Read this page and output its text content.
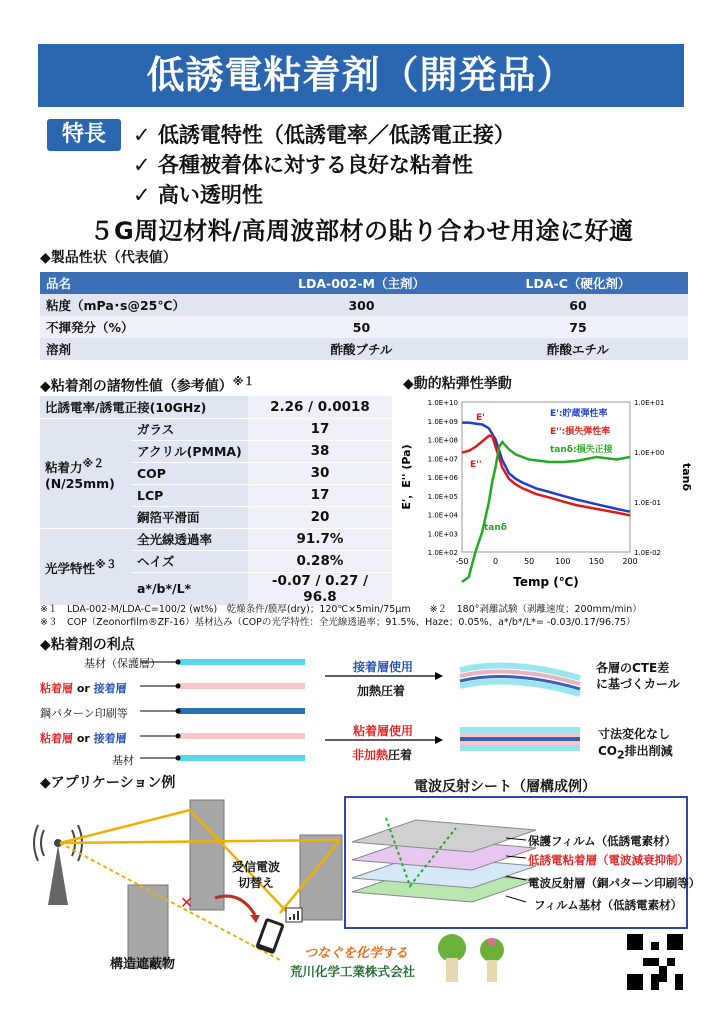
低誘電粘着剤（開発品）
特長	✓ 低誘電特性（低誘電率／低誘電正接）
✓ 各種被着体に対する良好な粘着性
✓ 高い透明性
５G周辺材料/高周波部材の貼り合わせ用途に好適
◆製品性状（代表値）
品名	LDA-002-M（主剤）	LDA-C（硬化剤）
粘度（mPa･s@25℃）	300	60
不揮発分（%）	50	75
溶剤	酢酸ブチル	酢酸エチル
◆粘着剤の諸物性値（参考値）$^{※1}$
比誘電率/誘電正接(10GHz)		2.26 / 0.0018
粘着力$^{※2}$
(N/25mm)	ガラス	17
	アクリル(PMMA)	38
	COP	30
	LCP	17
	銅箔平滑面	20
光学特性$^{※3}$	全光線透過率	91.7%
	ヘイズ	0.28%
	a*/b*/L*	-0.07 / 0.27 / 96.8
※１　LDA-002-M/LDA-C=100/2 (wt%)　乾燥条件/膜厚(dry)；120℃×5min/75μm　　※２　180°剥離試験（剥離速度；200mm/min）
※３　COP（Zeonorfilm®ZF-16）基材込み（COPの光学特性：全光線透過率；91.5%、Haze；0.05%、a*/b*/L*= -0.03/0.17/96.75）
◆動的粘弾性挙動
-50	0	50	100 150 200
1.0E+02
1.0E+03
1.0E+04
1.0E+05
1.0E+06
1.0E+07
1.0E+08
1.0E+09
1.0E+10
1.0E-02
1.0E-01
1.0E+00
1.0E+01
Temp (℃)
E'，E'' (Pa)	tanδ
E':貯蔵弾性率
E'':損失弾性率
tanδ:損失正接
E'
E''
tanδ
◆粘着剤の利点
基材（保護層）
粘着層 or 接着層
鋼パターン印刷等
粘着層 or 接着層
基材
接着層使用
加熱圧着
各層のCTE差
に基づくカール
粘着層使用
非加熱圧着
寸法変化なし
$CO_2$排出削減
◆アプリケーション例	電波反射シート（層構成例）
✕
構造遮蔽物
受信電波
切替え
保護フィルム（低誘電素材）
低誘電粘着層（電波減衰抑制）
電波反射層（銅パターン印刷等）
フィルム基材（低誘電素材）
つなぐを化学する
荒川化学工業株式会社
